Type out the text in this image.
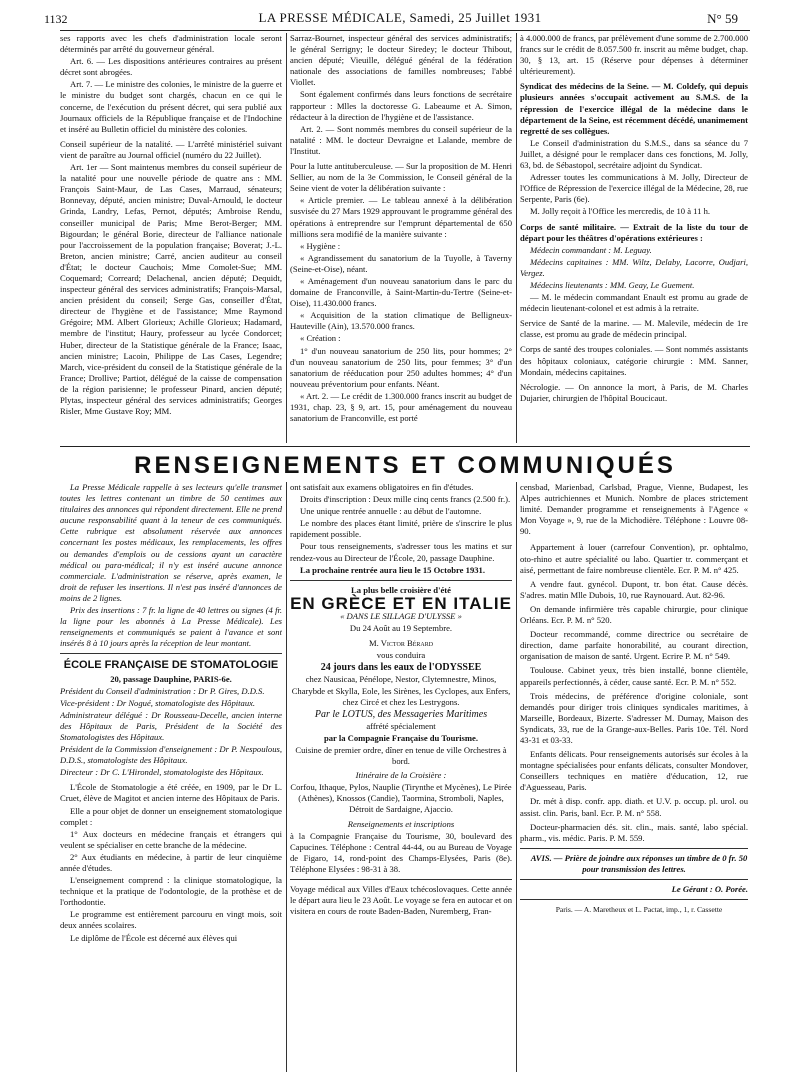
1132	LA PRESSE MÉDICALE, Samedi, 25 Juillet 1931	N° 59

ses rapports avec les chefs d'administration locale seront déterminés par arrêté du gouverneur général.

Art. 6. — Les dispositions antérieures contraires au présent décret sont abrogées.

Art. 7. — Le ministre des colonies, le ministre de la guerre et le ministre du budget sont chargés, chacun en ce qui le concerne, de l'exécution du présent décret, qui sera publié aux Journaux officiels de la République française et de l'Indochine et inséré au Bulletin officiel du ministère des colonies.

Conseil supérieur de la natalité. — L'arrêté ministériel suivant vient de paraître au Journal officiel (numéro du 22 Juillet).

Art. 1er — Sont maintenus membres du conseil supérieur de la natalité pour une nouvelle période de quatre ans : MM. François Saint-Maur, de Las Cases, Marraud, sénateurs; Bonnevay, député, ancien ministre; Duval-Arnould, le docteur Grinda, Landry, Lefas, Pernot, députés; Ambroise Rendu, conseiller municipal de Paris; Mme Berot-Berger; MM. Bigourdan; le général Borie, directeur de l'alliance nationale pour l'accroissement de la population française; Boverat; J.-L. Breton, ancien ministre; Carré, ancien auditeur au conseil d'État; le docteur Cauchois; Mme Comolet-Sue; MM. Coquemard; Correard; Delachenal, ancien député; Dequidt, inspecteur général des services administratifs; François-Marsal, ancien président du conseil; Serge Gas, conseiller d'État, directeur de l'hygiène et de l'assistance; Mme Raymond Grégoire; MM. Albert Glorieux; Achille Glorieux; Hadamard, membre de l'institut; Haury, professeur au lycée Condorcet; Huber, directeur de la Statistique générale de la France; Isaac, ancien ministre; Lacoin, Philippe de Las Cases, Legendre; March, vice-président du conseil de la Statistique générale de la France; Drollive; Partiot, délégué de la caisse de compensation de la région parisienne; le professeur Pinard, ancien député; Plytas, inspecteur général des services administratifs; Georges Risler, Mme Gustave Roy; MM.

Sarraz-Bournet, inspecteur général des services administratifs; le général Serrigny; le docteur Siredey; le docteur Thibout, ancien député; Vieuille, délégué général de la fédération nationale des associations de familles nombreuses; l'abbé Viollet.

Sont également confirmés dans leurs fonctions de secrétaire rapporteur : Mlles la doctoresse G. Labeaume et A. Simon, rédacteur à la direction de l'hygiène et de l'assistance.

Art. 2. — Sont nommés membres du conseil supérieur de la natalité : MM. le docteur Devraigne et Lalande, membre de l'Institut.

Pour la lutte antituberculeuse. — Sur la proposition de M. Henri Sellier, au nom de la 3e Commission, le Conseil général de la Seine vient de voter la délibération suivante :

« Article premier. — Le tableau annexé à la délibération susvisée du 27 Mars 1929 approuvant le programme général des opérations à entreprendre sur l'emprunt départemental de 650 millions sera modifié de la manière suivante :

« Hygiène :

« Agrandissement du sanatorium de la Tuyolle, à Taverny (Seine-et-Oise), néant.

« Aménagement d'un nouveau sanatorium dans le parc du domaine de Franconville, à Saint-Martin-du-Tertre (Seine-et-Oise), 11.430.000 francs.

« Acquisition de la station climatique de Belligneux-Hauteville (Ain), 13.570.000 francs.

« Création :

1° d'un nouveau sanatorium de 250 lits, pour hommes; 2° d'un nouveau sanatorium de 250 lits, pour femmes; 3° d'un sanatorium de rééducation pour 250 adultes hommes; 4° d'un nouveau préventorium pour enfants. Néant.

« Art. 2. — Le crédit de 1.300.000 francs inscrit au budget de 1931, chap. 23, § 9, art. 15, pour aménagement du nouveau sanatorium de Franconville, est porté

à 4.000.000 de francs, par prélèvement d'une somme de 2.700.000 francs sur le crédit de 8.057.500 fr. inscrit au même budget, chap. 30, § 13, art. 15 (Réserve pour dépenses à déterminer ultérieurement).

Syndicat des médecins de la Seine. — M. Coldefy, qui depuis plusieurs années s'occupait activement au S.M.S. de la répression de l'exercice illégal de la médecine dans le département de la Seine, est récemment décédé, unanimement regretté de ses collègues.

Le Conseil d'administration du S.M.S., dans sa séance du 7 Juillet, a désigné pour le remplacer dans ces fonctions, M. Jolly, 63, bd. de Sébastopol, secrétaire adjoint du Syndicat.

Adresser toutes les communications à M. Jolly, Directeur de l'Office de Répression de l'exercice illégal de la Médecine, 28, rue Serpente, Paris (6e).

M. Jolly reçoit à l'Office les mercredis, de 10 à 11 h.

Corps de santé militaire. — Extrait de la liste du tour de départ pour les théâtres d'opérations extérieures :

Médecin commandant : M. Leguay.

Médecins capitaines : MM. Wiltz, Delaby, Lacorre, Oudjari, Vergez.

Médecins lieutenants : MM. Geay, Le Guement.

— M. le médecin commandant Enault est promu au grade de médecin lieutenant-colonel et est admis à la retraite.

Service de Santé de la marine. — M. Malevile, médecin de 1re classe, est promu au grade de médecin principal.

Corps de santé des troupes coloniales. — Sont nommés assistants des hôpitaux coloniaux, catégorie chirurgie : MM. Sanner, Mondain, médecins capitaines.

Nécrologie. — On annonce la mort, à Paris, de M. Charles Dujarier, chirurgien de l'hôpital Boucicaut.

RENSEIGNEMENTS ET COMMUNIQUÉS

La Presse Médicale rappelle à ses lecteurs qu'elle transmet toutes les lettres contenant un timbre de 50 centimes aux titulaires des annonces qui répondent directement. Elle ne prend aucune responsabilité quant à la teneur de ces communiqués. Cette rubrique est absolument réservée aux annonces concernant les postes médicaux, les remplacements, les offres ou demandes d'emplois ou de cessions ayant un caractère médical ou para-médical; il n'y est inséré aucune annonce commerciale. L'administration se réserve, après examen, le droit de refuser les insertions. Il n'est pas inséré d'annonces de moins de 2 lignes.

Prix des insertions : 7 fr. la ligne de 40 lettres ou signes (4 fr. la ligne pour les abonnés à La Presse Médicale). Les renseignements et communiqués se paient à l'avance et sont insérés 8 à 10 jours après la réception de leur montant.

ÉCOLE FRANÇAISE DE STOMATOLOGIE

20, passage Dauphine, PARIS-6e.

Président du Conseil d'administration : Dr P. Gires, D.D.S.

Vice-président : Dr Nogué, stomatologiste des Hôpitaux.

Administrateur délégué : Dr Rousseau-Decelle, ancien interne des Hôpitaux de Paris, Président de la Société des Stomatologistes des Hôpitaux.

Président de la Commission d'enseignement : Dr P. Nespoulous, D.D.S., stomatologiste des Hôpitaux.

Directeur : Dr C. L'Hirondel, stomatologiste des Hôpitaux.

L'École de Stomatologie a été créée, en 1909, par le Dr L. Cruet, élève de Magitot et ancien interne des Hôpitaux de Paris.

Elle a pour objet de donner un enseignement stomatologique complet :

1° Aux docteurs en médecine français et étrangers qui veulent se spécialiser en cette branche de la médecine.

2° Aux étudiants en médecine, à partir de leur cinquième année d'études.

L'enseignement comprend : la clinique stomatologique, la technique et la pratique de l'odontologie, de la prothèse et de l'orthodontie.

Le programme est entièrement parcouru en vingt mois, soit deux années scolaires.

Le diplôme de l'École est décerné aux élèves qui

ont satisfait aux examens obligatoires en fin d'études.

Droits d'inscription : Deux mille cinq cents francs (2.500 fr.).

Une unique rentrée annuelle : au début de l'automne.

Le nombre des places étant limité, prière de s'inscrire le plus rapidement possible.

Pour tous renseignements, s'adresser tous les matins et sur rendez-vous au Directeur de l'École, 20, passage Dauphine.

La prochaine rentrée aura lieu le 15 Octobre 1931.

La plus belle croisière d'été

EN GRÈCE ET EN ITALIE

« DANS LE SILLAGE D'ULYSSE »

Du 24 Août au 19 Septembre.

M. Victor Bérard

vous conduira

24 jours dans les eaux de l'ODYSSEE

chez Nausicaa, Pénélope, Nestor, Clytemnestre, Minos, Charybde et Skylla, Eole, les Sirènes, les Cyclopes, aux Enfers, chez Circé et chez les Lestrygons.

Par le LOTUS, des Messageries Maritimes

affrété spécialement

par la Compagnie Française du Tourisme.

Cuisine de premier ordre, dîner en tenue de ville Orchestres à bord.

Itinéraire de la Croisière :

Corfou, Ithaque, Pylos, Nauplie (Tirynthe et Mycènes), Le Pirée (Athènes), Knossos (Candie), Taormina, Stromboli, Naples, Détroit de Sardaigne, Ajaccio.

Renseignements et inscriptions

à la Compagnie Française du Tourisme, 30, boulevard des Capucines. Téléphone : Central 44-44, ou au Bureau de Voyage de Figaro, 14, rond-point des Champs-Elysées, Paris (8e). Téléphone Elysées : 98-31 à 38.

Voyage médical aux Villes d'Eaux tchécoslovaques. Cette année le départ aura lieu le 23 Août. Le voyage se fera en autocar et on visitera en cours de route Baden-Baden, Nuremberg, Fran-

censbad, Marienbad, Carlsbad, Prague, Vienne, Budapest, les Alpes autrichiennes et Munich. Nombre de places strictement limité. Demander programme et renseignements à l'Agence « Mon Voyage », 9, rue de la Michodière. Téléphone : Louvre 08-90.

Appartement à louer (carrefour Convention), pr. ophtalmo, oto-rhino et autre spécialité ou labo. Quartier tr. commerçant et aisé, permettant de faire nombreuse clientèle. Ecr. P. M. n° 425.

A vendre faut. gynécol. Dupont, tr. bon état. Cause décès. S'adres. matin Mlle Dubois, 10, rue Raynouard. Aut. 82-96.

On demande infirmière très capable chirurgie, pour clinique Orléans. Ecr. P. M. n° 520.

Docteur recommandé, comme directrice ou secrétaire de direction, dame parfaite honorabilité, au courant direction, organisation de maison de santé. Urgent. Ecrire P. M. n° 549.

Toulouse. Cabinet yeux, très bien installé, bonne clientèle, appareils perfectionnés, à céder, cause santé. Ecr. P. M. n° 552.

Trois médecins, de préférence d'origine coloniale, sont demandés pour diriger trois cliniques syndicales maritimes, à Marseille, Bordeaux, Bizerte. S'adresser M. Dumay, Maison des Syndicats, 33, rue de la Grange-aux-Belles. Paris 10e. Tél. Nord 43-31 et 03-33.

Enfants délicats. Pour renseignements autorisés sur écoles à la montagne spécialisées pour enfants délicats, consulter Mondover, Conseillers techniques en matière d'éducation, 12, rue d'Aguesseau, Paris.

Dr. mét à disp. confr. app. diath. et U.V. p. occup. pl. urol. ou assist. clin. Paris, banl. Ecr. P. M. n° 558.

Docteur-pharmacien dés. sit. clin., mais. santé, labo spécial. pharm., vis. médic. Paris. P. M. 559.

AVIS. — Prière de joindre aux réponses un timbre de 0 fr. 50 pour transmission des lettres.

Le Gérant : O. Porée.

Paris. — A. Maretheux et L. Pactat, imp., 1, r. Cassette
